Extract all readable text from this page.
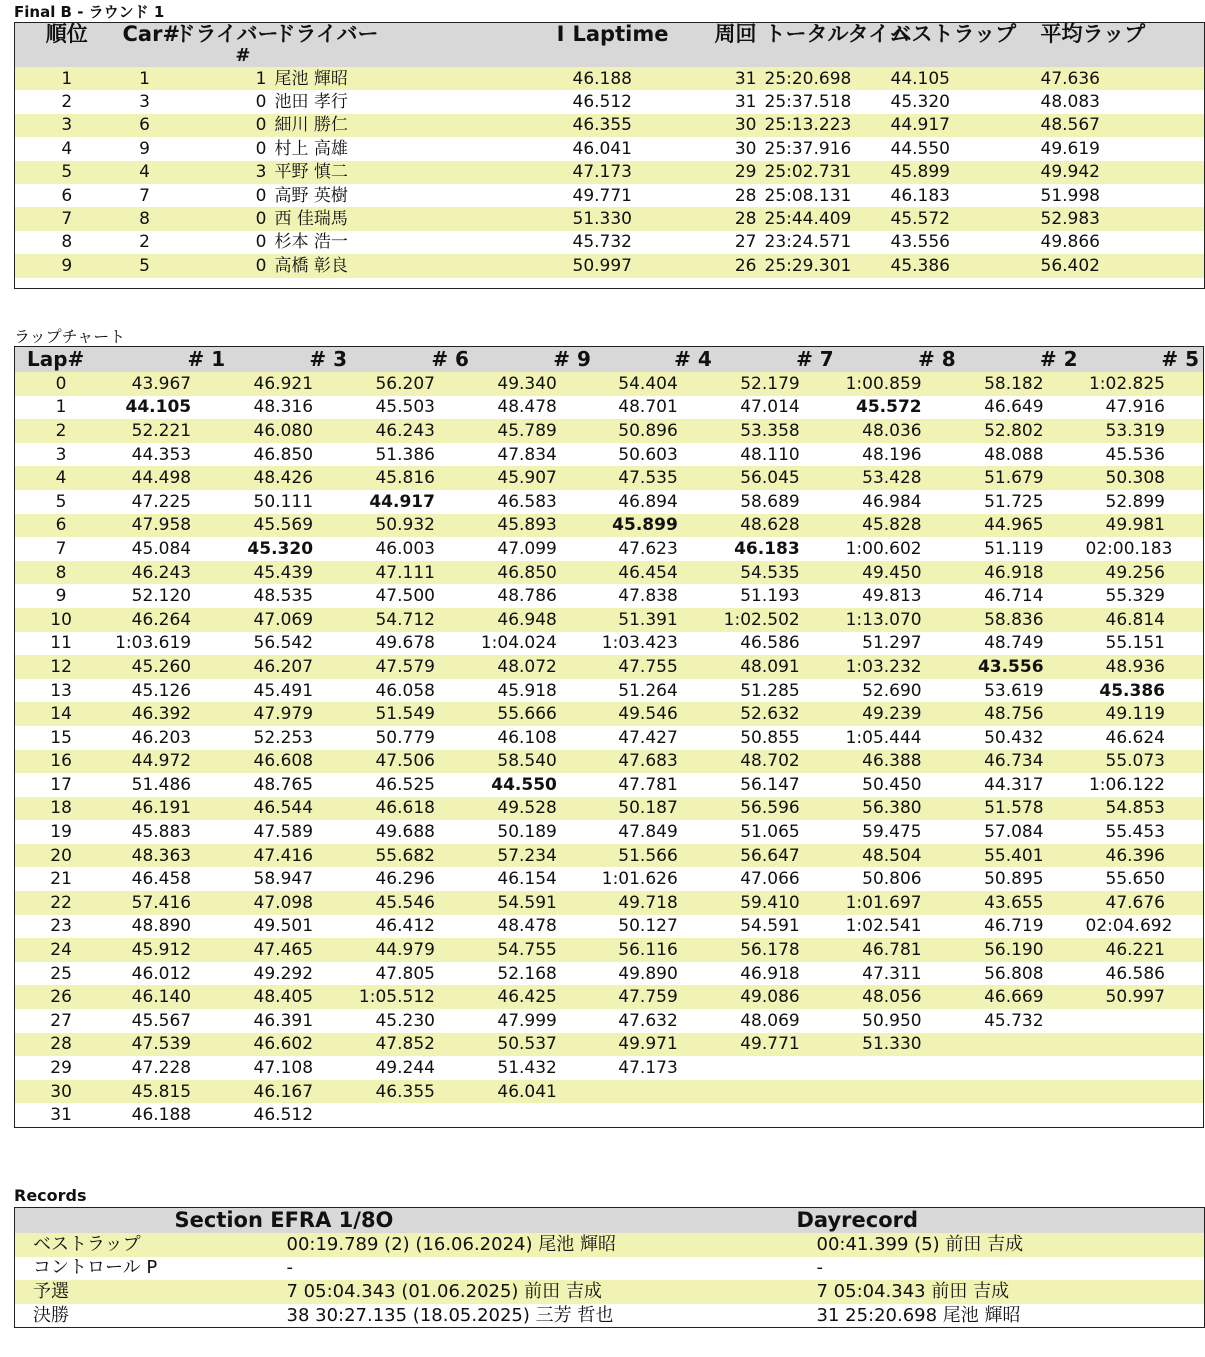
Final B - ラウンド 1
順位	Car#	ドライバー	ドライバー	I	Laptime	周回	トータルタイム	ベストラップ	平均ラップ
		#							
1	1	1	尾池 輝昭		46.188	31	25:20.698	44.105	47.636
2	3	0	池田 孝行		46.512	31	25:37.518	45.320	48.083
3	6	0	細川 勝仁		46.355	30	25:13.223	44.917	48.567
4	9	0	村上 高雄		46.041	30	25:37.916	44.550	49.619
5	4	3	平野 慎二		47.173	29	25:02.731	45.899	49.942
6	7	0	高野 英樹		49.771	28	25:08.131	46.183	51.998
7	8	0	西 佳瑞馬		51.330	28	25:44.409	45.572	52.983
8	2	0	杉本 浩一		45.732	27	23:24.571	43.556	49.866
9	5	0	高橋 彰良		50.997	26	25:29.301	45.386	56.402

ラップチャート
Lap#	# 1	# 3	# 6	# 9	# 4	# 7	# 8	# 2	# 5
0	43.967	46.921	56.207	49.340	54.404	52.179	1:00.859	58.182	1:02.825
1	44.105	48.316	45.503	48.478	48.701	47.014	45.572	46.649	47.916
2	52.221	46.080	46.243	45.789	50.896	53.358	48.036	52.802	53.319
3	44.353	46.850	51.386	47.834	50.603	48.110	48.196	48.088	45.536
4	44.498	48.426	45.816	45.907	47.535	56.045	53.428	51.679	50.308
5	47.225	50.111	44.917	46.583	46.894	58.689	46.984	51.725	52.899
6	47.958	45.569	50.932	45.893	45.899	48.628	45.828	44.965	49.981
7	45.084	45.320	46.003	47.099	47.623	46.183	1:00.602	51.119	02:00.183
8	46.243	45.439	47.111	46.850	46.454	54.535	49.450	46.918	49.256
9	52.120	48.535	47.500	48.786	47.838	51.193	49.813	46.714	55.329
10	46.264	47.069	54.712	46.948	51.391	1:02.502	1:13.070	58.836	46.814
11	1:03.619	56.542	49.678	1:04.024	1:03.423	46.586	51.297	48.749	55.151
12	45.260	46.207	47.579	48.072	47.755	48.091	1:03.232	43.556	48.936
13	45.126	45.491	46.058	45.918	51.264	51.285	52.690	53.619	45.386
14	46.392	47.979	51.549	55.666	49.546	52.632	49.239	48.756	49.119
15	46.203	52.253	50.779	46.108	47.427	50.855	1:05.444	50.432	46.624
16	44.972	46.608	47.506	58.540	47.683	48.702	46.388	46.734	55.073
17	51.486	48.765	46.525	44.550	47.781	56.147	50.450	44.317	1:06.122
18	46.191	46.544	46.618	49.528	50.187	56.596	56.380	51.578	54.853
19	45.883	47.589	49.688	50.189	47.849	51.065	59.475	57.084	55.453
20	48.363	47.416	55.682	57.234	51.566	56.647	48.504	55.401	46.396
21	46.458	58.947	46.296	46.154	1:01.626	47.066	50.806	50.895	55.650
22	57.416	47.098	45.546	54.591	49.718	59.410	1:01.697	43.655	47.676
23	48.890	49.501	46.412	48.478	50.127	54.591	1:02.541	46.719	02:04.692
24	45.912	47.465	44.979	54.755	56.116	56.178	46.781	56.190	46.221
25	46.012	49.292	47.805	52.168	49.890	46.918	47.311	56.808	46.586
26	46.140	48.405	1:05.512	46.425	47.759	49.086	48.056	46.669	50.997
27	45.567	46.391	45.230	47.999	47.632	48.069	50.950	45.732	
28	47.539	46.602	47.852	50.537	49.971	49.771	51.330		
29	47.228	47.108	49.244	51.432	47.173				
30	45.815	46.167	46.355	46.041					
31	46.188	46.512							
Records
	Section EFRA 1/8O	Dayrecord
ベストラップ	00:19.789 (2) (16.06.2024) 尾池 輝昭	00:41.399 (5) 前田 吉成
コントロール P	-	-
予選	7 05:04.343 (01.06.2025) 前田 吉成	7 05:04.343 前田 吉成
決勝	38 30:27.135 (18.05.2025) 三芳 哲也	31 25:20.698 尾池 輝昭
